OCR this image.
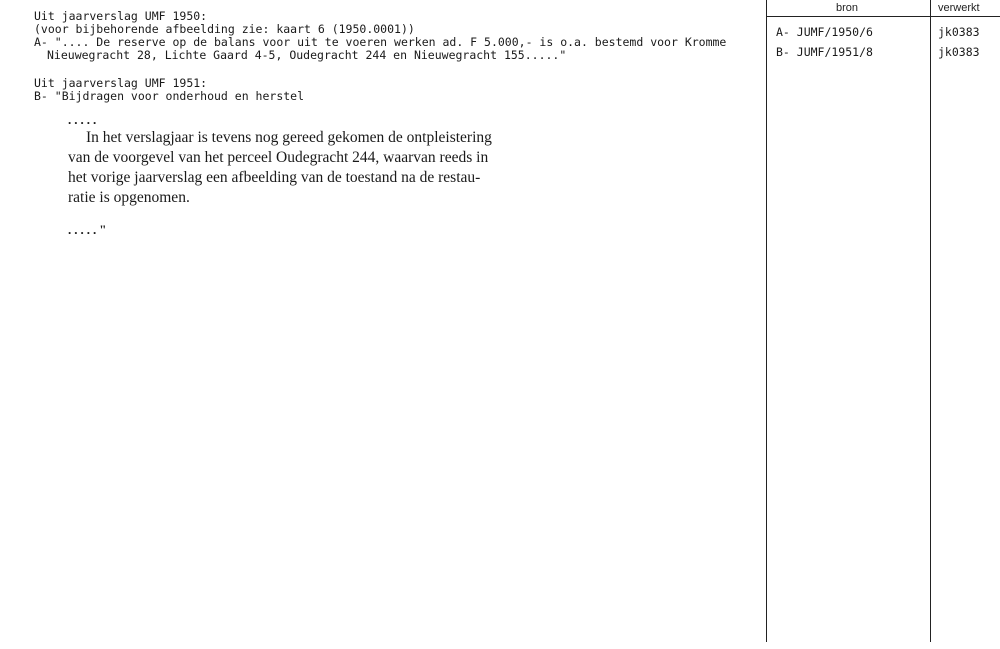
Uit jaarverslag UMF 1950:
(voor bijbehorende afbeelding zie: kaart 6 (1950.0001))
A- ".... De reserve op de balans voor uit te voeren werken ad. F 5.000,- is o.a. bestemd voor Kromme
Nieuwegracht 28, Lichte Gaard 4-5, Oudegracht 244 en Nieuwegracht 155....."
Uit jaarverslag UMF 1951:
B- "Bijdragen voor onderhoud en herstel
.....
In het verslagjaar is tevens nog gereed gekomen de ontpleistering
van de voorgevel van het perceel Oudegracht 244, waarvan reeds in
het vorige jaarverslag een afbeelding van de toestand na de restau-
ratie is opgenomen.
....."
bron	verwerkt
A- JUMF/1950/6	jk0383
B- JUMF/1951/8	jk0383
